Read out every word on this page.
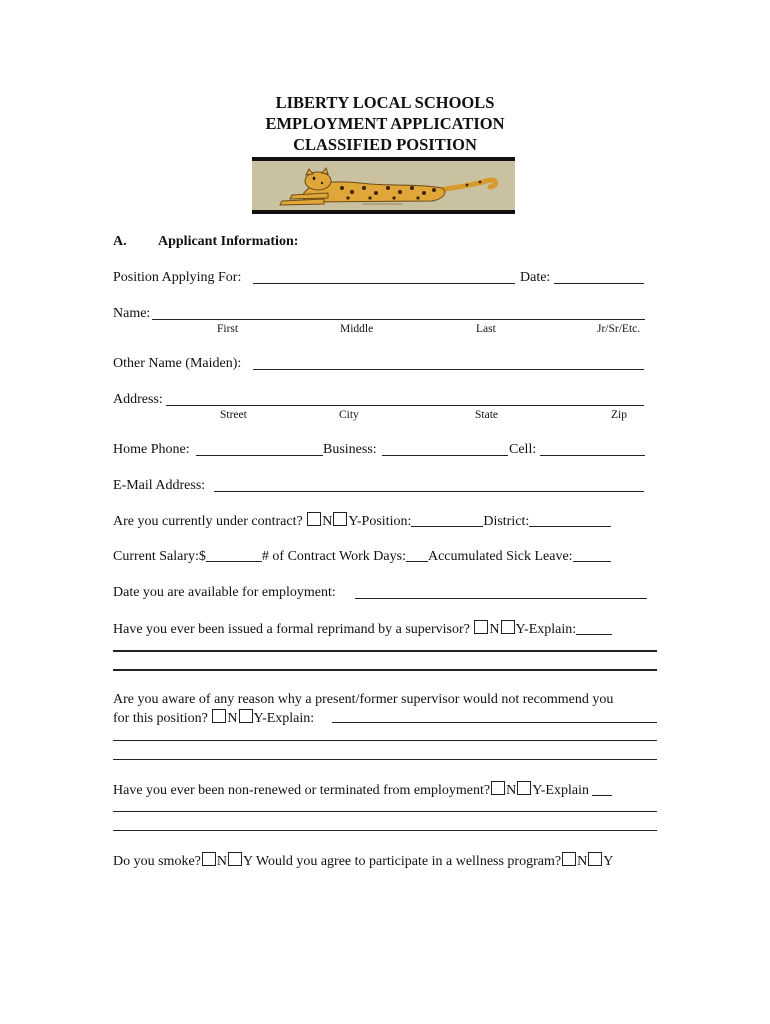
LIBERTY LOCAL SCHOOLS
EMPLOYMENT APPLICATION
CLASSIFIED POSITION
A. Applicant Information:
Position Applying For:	Date:
Name:
First	Middle	Last	Jr/Sr/Etc.
Other Name (Maiden):
Address:
Street	City	State	Zip
Home Phone:	Business:	Cell:
E-Mail Address:
Are you currently under contract? N Y-Position:	District:
Current Salary:$	# of Contract Work Days: Accumulated Sick Leave:
Date you are available for employment:
Have you ever been issued a formal reprimand by a supervisor? N Y-Explain:
Are you aware of any reason why a present/former supervisor would not recommend you
for this position? N Y-Explain:
Have you ever been non-renewed or terminated from employment? N Y-Explain
Do you smoke? N Y Would you agree to participate in a wellness program? N Y
